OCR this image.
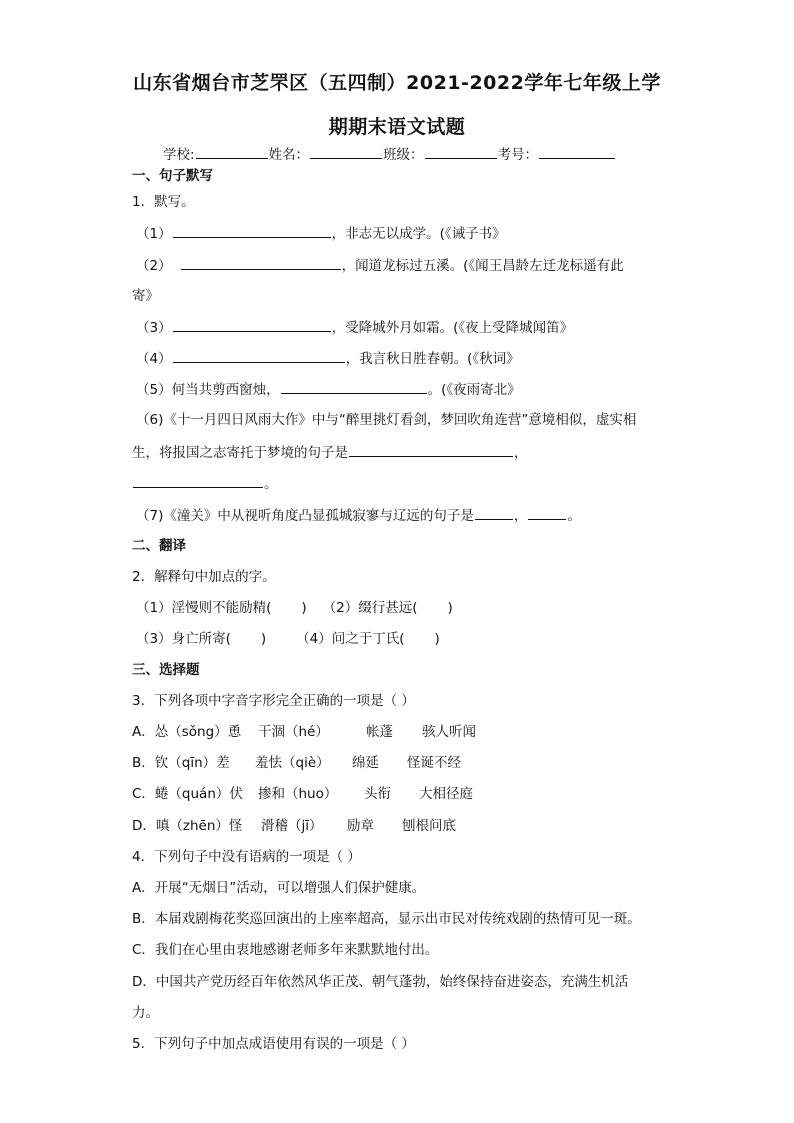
山东省烟台市芝罘区（五四制）2021-2022学年七年级上学
期期末语文试题
学校:	姓名：	班级：	考号：
一、句子默写
1．默写。
（1）	，非志无以成学。(《诫子书》
（2）	，闻道龙标过五溪。(《闻王昌龄左迁龙标遥有此
寄》
（3）	，受降城外月如霜。(《夜上受降城闻笛》
（4）	，我言秋日胜春朝。(《秋词》
（5）何当共剪西窗烛，	。(《夜雨寄北》
（6)《十一月四日风雨大作》中与“醉里挑灯看剑，梦回吹角连营”意境相似，虚实相
生，将报国之志寄托于梦境的句子是	，
。
（7)《潼关》中从视听角度凸显孤城寂寥与辽远的句子是	，	。
二、翻译
2．解释句中加点的字。
（1）淫慢则不能励精( ) （2）缀行甚远( )
（3）身亡所寄( ) （4）问之于丁氏( )
三、选择题
3．下列各项中字音字形完全正确的一项是（ ）
A．怂（sǒng）恿 干涸（hé）	帐蓬 骇人听闻
B．钦（qīn）差 羞怯（qiè） 绵延 怪诞不经
C．蜷（quán）伏 掺和（huo） 头衔 大相径庭
D．嗔（zhēn）怪 滑稽（jī） 励章 刨根问底
4．下列句子中没有语病的一项是（ ）
A．开展“无烟日”活动，可以增强人们保护健康。
B．本届戏剧梅花奖巡回演出的上座率超高，显示出市民对传统戏剧的热情可见一斑。
C．我们在心里由衷地感谢老师多年来默默地付出。
D．中国共产党历经百年依然风华正茂、朝气蓬勃，始终保持奋进姿态，充满生机活
力。
5．下列句子中加点成语使用有误的一项是（ ）
